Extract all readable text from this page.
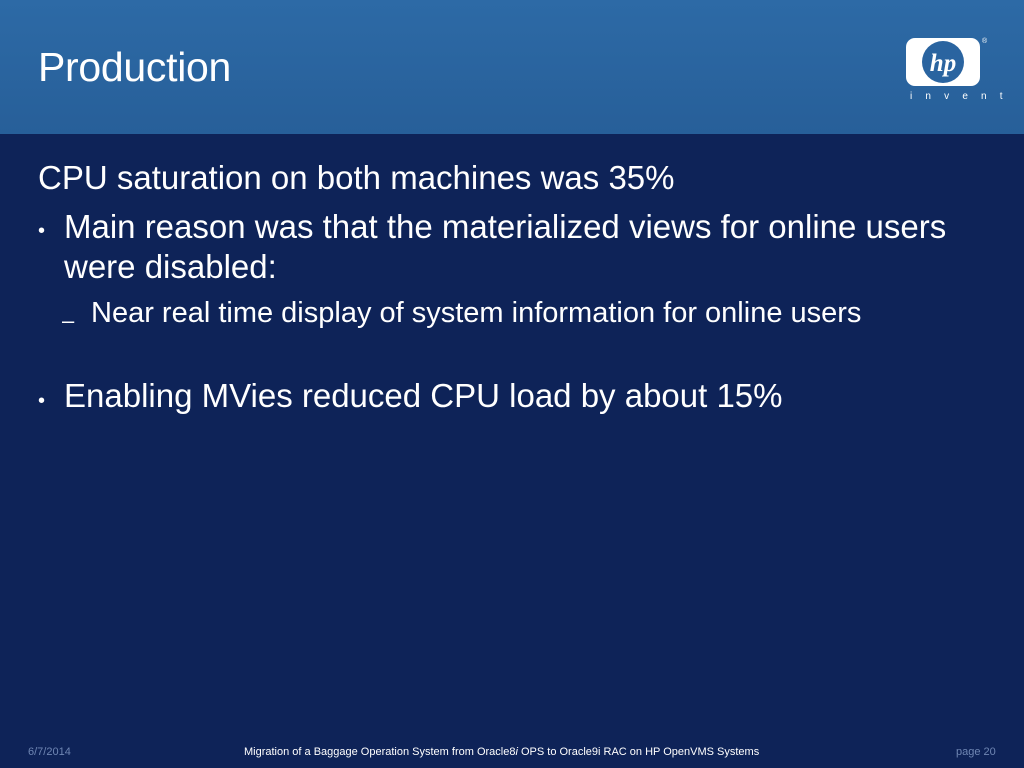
Production	hp
®
i n v e n t
CPU saturation on both machines was 35%
• Main reason was that the materialized views for online users were disabled:
– Near real time display of system information for online users
• Enabling MVies reduced CPU load by about 15%
6/7/2014	Migration of a Baggage Operation System from Oracle8i OPS to Oracle9i RAC on HP OpenVMS Systems	page 20
